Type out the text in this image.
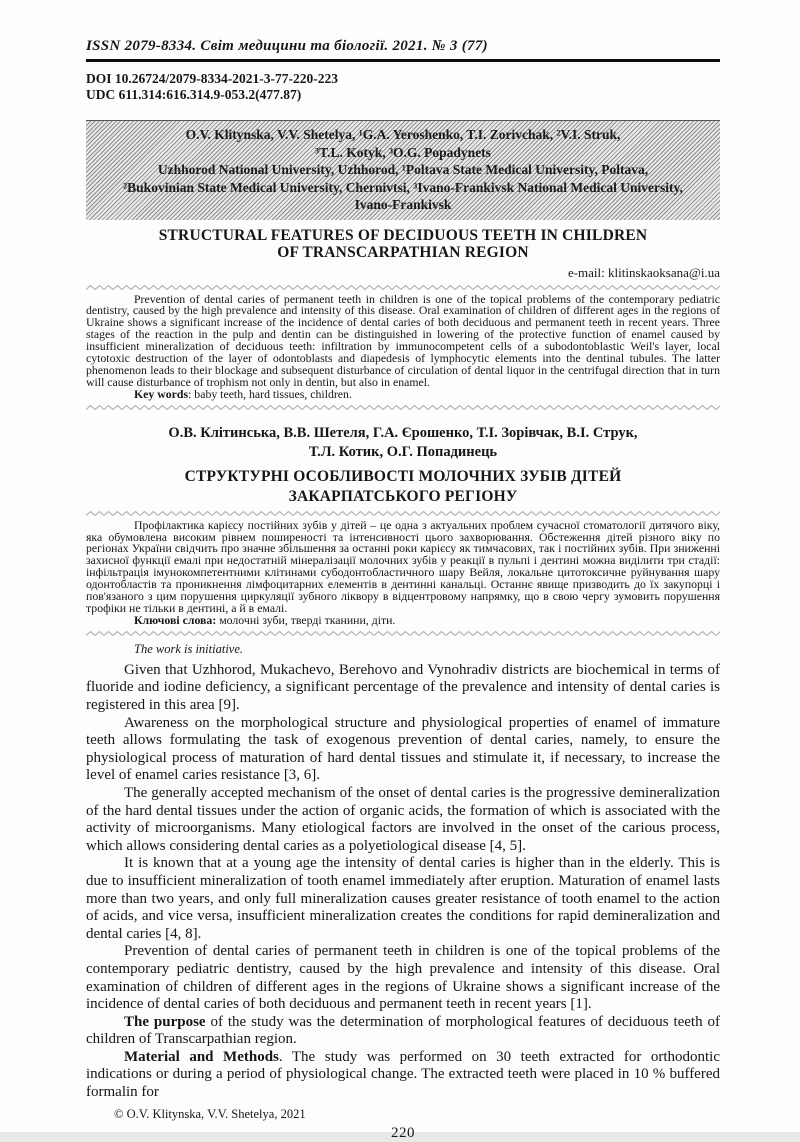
ISSN 2079-8334. Світ медицини та біології. 2021. № 3 (77)
DOI 10.26724/2079-8334-2021-3-77-220-223
UDC 611.314:616.314.9-053.2(477.87)
O.V. Klitynska, V.V. Shetelya, ¹G.A. Yeroshenko, T.I. Zorivchak, ²V.I. Struk,
³T.L. Kotyk, ³O.G. Popadynets
Uzhhorod National University, Uzhhorod, ¹Poltava State Medical University, Poltava,
²Bukovinian State Medical University, Chernivtsi, ³Ivano-Frankivsk National Medical University,
Ivano-Frankivsk
STRUCTURAL FEATURES OF DECIDUOUS TEETH IN CHILDREN
OF TRANSCARPATHIAN REGION
e-mail: klitinskaoksana@i.ua

Prevention of dental caries of permanent teeth in children is one of the topical problems of the contemporary pediatric dentistry, caused by the high prevalence and intensity of this disease. Oral examination of children of different ages in the regions of Ukraine shows a significant increase of the incidence of dental caries of both deciduous and permanent teeth in recent years. Three stages of the reaction in the pulp and dentin can be distinguished in lowering of the protective function of enamel caused by insufficient mineralization of deciduous teeth: infiltration by immunocompetent cells of a subodontoblastic Weil's layer, local cytotoxic destruction of the layer of odontoblasts and diapedesis of lymphocytic elements into the dentinal tubules. The latter phenomenon leads to their blockage and subsequent disturbance of circulation of dental liquor in the centrifugal direction that in turn will cause disturbance of trophism not only in dentin, but also in enamel.

Key words: baby teeth, hard tissues, children.

О.В. Клітинська, В.В. Шетеля, Г.А. Єрошенко, Т.І. Зорівчак, В.І. Струк,
Т.Л. Котик, О.Г. Попадинець
СТРУКТУРНІ ОСОБЛИВОСТІ МОЛОЧНИХ ЗУБІВ ДІТЕЙ
ЗАКАРПАТСЬКОГО РЕГІОНУ

Профілактика карієсу постійних зубів у дітей – це одна з актуальних проблем сучасної стоматології дитячого віку, яка обумовлена високим рівнем поширеності та інтенсивності цього захворювання. Обстеження дітей різного віку по регіонах України свідчить про значне збільшення за останні роки карієсу як тимчасових, так і постійних зубів. При зниженні захисної функції емалі при недостатній мінералізації молочних зубів у реакції в пульпі і дентині можна виділити три стадії: інфільтрація імунокомпетентними клітинами субодонтобластичного шару Вейля, локальне цитотоксичне руйнування шару одонтобластів та проникнення лімфоцитарних елементів в дентинні канальці. Останнє явище призводить до їх закупорці і пов'язаного з цим порушення циркуляції зубного ліквору в відцентровому напрямку, що в свою чергу зумовить порушення трофіки не тільки в дентині, а й в емалі.

Ключові слова: молочні зуби, тверді тканини, діти.

The work is initiative.

Given that Uzhhorod, Mukachevo, Berehovo and Vynohradiv districts are biochemical in terms of fluoride and iodine deficiency, a significant percentage of the prevalence and intensity of dental caries is registered in this area [9].

Awareness on the morphological structure and physiological properties of enamel of immature teeth allows formulating the task of exogenous prevention of dental caries, namely, to ensure the physiological process of maturation of hard dental tissues and stimulate it, if necessary, to increase the level of enamel caries resistance [3, 6].

The generally accepted mechanism of the onset of dental caries is the progressive demineralization of the hard dental tissues under the action of organic acids, the formation of which is associated with the activity of microorganisms. Many etiological factors are involved in the onset of the carious process, which allows considering dental caries as a polyetiological disease [4, 5].

It is known that at a young age the intensity of dental caries is higher than in the elderly. This is due to insufficient mineralization of tooth enamel immediately after eruption. Maturation of enamel lasts more than two years, and only full mineralization causes greater resistance of tooth enamel to the action of acids, and vice versa, insufficient mineralization creates the conditions for rapid demineralization and dental caries [4, 8].

Prevention of dental caries of permanent teeth in children is one of the topical problems of the contemporary pediatric dentistry, caused by the high prevalence and intensity of this disease. Oral examination of children of different ages in the regions of Ukraine shows a significant increase of the incidence of dental caries of both deciduous and permanent teeth in recent years [1].

The purpose of the study was the determination of morphological features of deciduous teeth of children of Transcarpathian region.

Material and Methods. The study was performed on 30 teeth extracted for orthodontic indications or during a period of physiological change. The extracted teeth were placed in 10 % buffered formalin for

© O.V. Klitynska, V.V. Shetelya, 2021
220
